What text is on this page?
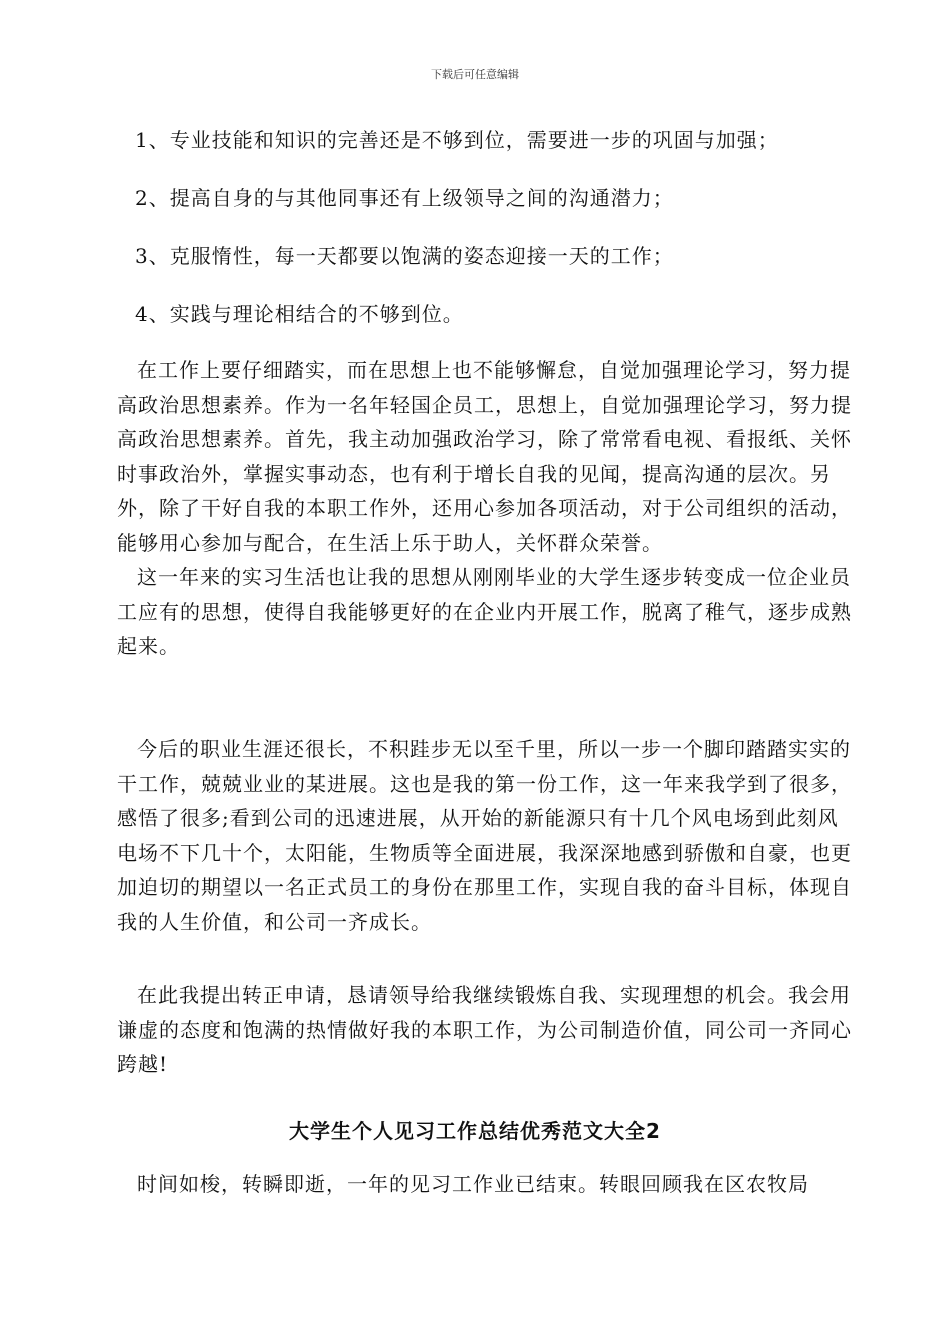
下载后可任意编辑
1、专业技能和知识的完善还是不够到位，需要进一步的巩固与加强；
2、提高自身的与其他同事还有上级领导之间的沟通潜力；
3、克服惰性，每一天都要以饱满的姿态迎接一天的工作；
4、实践与理论相结合的不够到位。

在工作上要仔细踏实，而在思想上也不能够懈怠，自觉加强理论学习，努力提高政治思想素养。作为一名年轻国企员工，思想上，自觉加强理论学习，努力提高政治思想素养。首先，我主动加强政治学习，除了常常看电视、看报纸、关怀时事政治外，掌握实事动态，也有利于增长自我的见闻，提高沟通的层次。另外，除了干好自我的本职工作外，还用心参加各项活动，对于公司组织的活动，能够用心参加与配合，在生活上乐于助人，关怀群众荣誉。

这一年来的实习生活也让我的思想从刚刚毕业的大学生逐步转变成一位企业员工应有的思想，使得自我能够更好的在企业内开展工作，脱离了稚气，逐步成熟起来。

今后的职业生涯还很长，不积跬步无以至千里，所以一步一个脚印踏踏实实的干工作，兢兢业业的某进展。这也是我的第一份工作，这一年来我学到了很多，感悟了很多;看到公司的迅速进展，从开始的新能源只有十几个风电场到此刻风电场不下几十个，太阳能，生物质等全面进展，我深深地感到骄傲和自豪，也更加迫切的期望以一名正式员工的身份在那里工作，实现自我的奋斗目标，体现自我的人生价值，和公司一齐成长。

在此我提出转正申请，恳请领导给我继续锻炼自我、实现理想的机会。我会用谦虚的态度和饱满的热情做好我的本职工作，为公司制造价值，同公司一齐同心跨越!

大学生个人见习工作总结优秀范文大全2

时间如梭，转瞬即逝，一年的见习工作业已结束。转眼回顾我在区农牧局
